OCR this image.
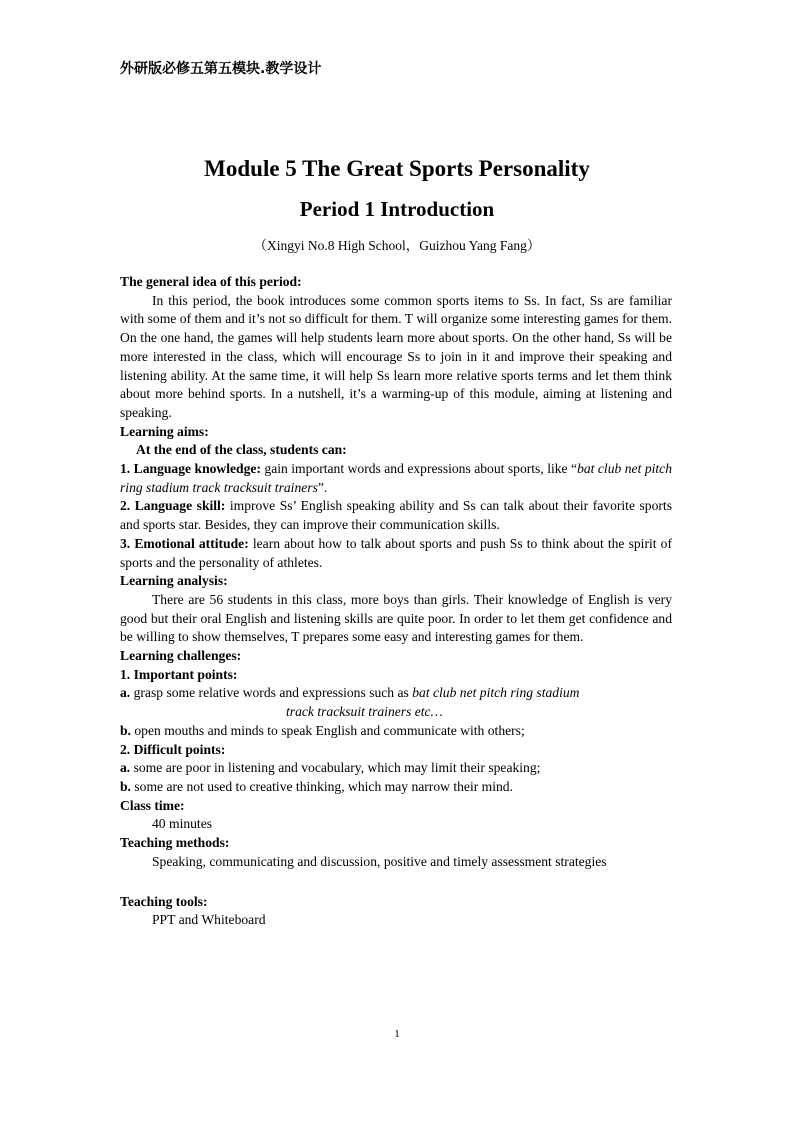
外研版必修五第五模块.教学设计
Module 5 The Great Sports Personality
Period 1 Introduction
（Xingyi No.8 High School，Guizhou Yang Fang）

The general idea of this period:

In this period, the book introduces some common sports items to Ss. In fact, Ss are familiar with some of them and it’s not so difficult for them. T will organize some interesting games for them. On the one hand, the games will help students learn more about sports. On the other hand, Ss will be more interested in the class, which will encourage Ss to join in it and improve their speaking and listening ability. At the same time, it will help Ss learn more relative sports terms and let them think about more behind sports. In a nutshell, it’s a warming-up of this module, aiming at listening and speaking.

Learning aims:

At the end of the class, students can:

1. Language knowledge: gain important words and expressions about sports, like “bat club net pitch ring stadium track tracksuit trainers”.

2. Language skill: improve Ss’ English speaking ability and Ss can talk about their favorite sports and sports star. Besides, they can improve their communication skills.

3. Emotional attitude: learn about how to talk about sports and push Ss to think about the spirit of sports and the personality of athletes.

Learning analysis:

There are 56 students in this class, more boys than girls. Their knowledge of English is very good but their oral English and listening skills are quite poor. In order to let them get confidence and be willing to show themselves, T prepares some easy and interesting games for them.

Learning challenges:

1. Important points:

a. grasp some relative words and expressions such as bat club net pitch ring stadium

track tracksuit trainers etc…

b. open mouths and minds to speak English and communicate with others;

2. Difficult points:

a. some are poor in listening and vocabulary, which may limit their speaking;

b. some are not used to creative thinking, which may narrow their mind.

Class time:

40 minutes

Teaching methods:

Speaking, communicating and discussion, positive and timely assessment strategies

Teaching tools:

PPT and Whiteboard

1
